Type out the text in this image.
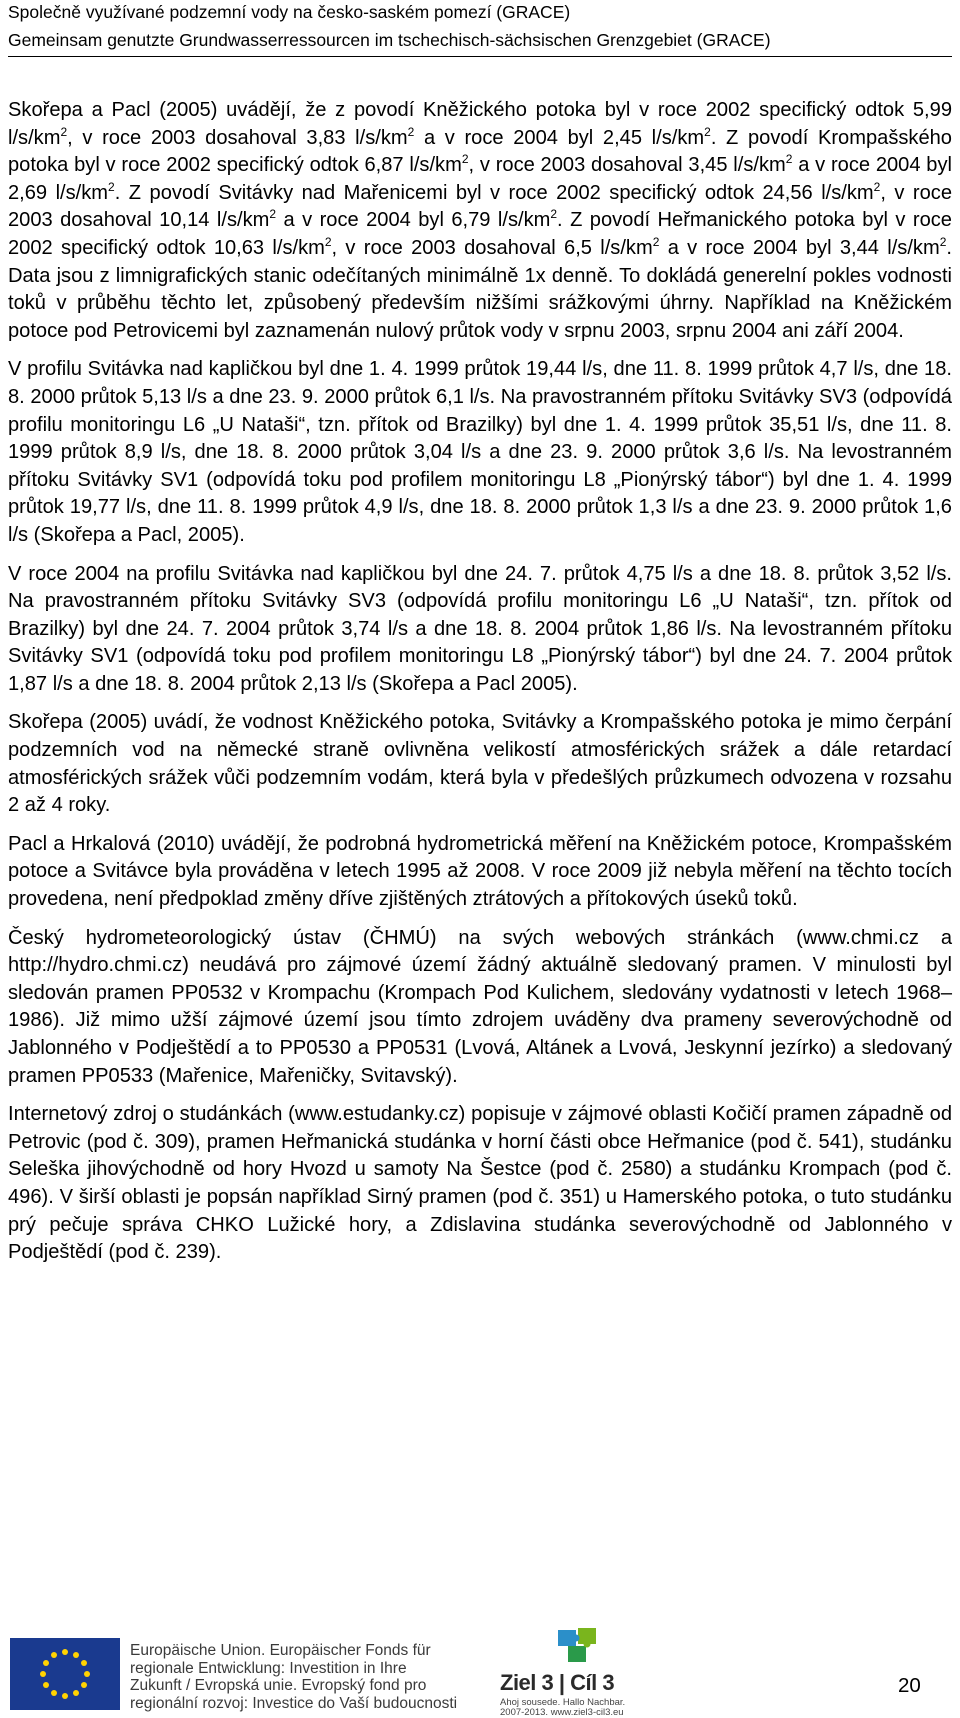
Společně využívané podzemní vody na česko-saském pomezí (GRACE)
Gemeinsam genutzte Grundwasserressourcen im tschechisch-sächsischen Grenzgebiet (GRACE)

Skořepa a Pacl (2005) uvádějí, že z povodí Kněžického potoka byl v roce 2002 specifický odtok 5,99 $l/s/km^2$, v roce 2003 dosahoval 3,83 $l/s/km^2$ a v roce 2004 byl 2,45 $l/s/km^2$. Z povodí Krompašského potoka byl v roce 2002 specifický odtok 6,87 $l/s/km^2$, v roce 2003 dosahoval 3,45 $l/s/km^2$ a v roce 2004 byl 2,69 $l/s/km^2$. Z povodí Svitávky nad Mařenicemi byl v roce 2002 specifický odtok 24,56 $l/s/km^2$, v roce 2003 dosahoval 10,14 $l/s/km^2$ a v roce 2004 byl 6,79 $l/s/km^2$. Z povodí Heřmanického potoka byl v roce 2002 specifický odtok 10,63 $l/s/km^2$, v roce 2003 dosahoval 6,5 $l/s/km^2$ a v roce 2004 byl 3,44 $l/s/km^2$. Data jsou z limnigrafických stanic odečítaných minimálně 1x denně. To dokládá generelní pokles vodnosti toků v průběhu těchto let, způsobený především nižšími srážkovými úhrny. Například na Kněžickém potoce pod Petrovicemi byl zaznamenán nulový průtok vody v srpnu 2003, srpnu 2004 ani září 2004.

V profilu Svitávka nad kapličkou byl dne 1. 4. 1999 průtok 19,44 l/s, dne 11. 8. 1999 průtok 4,7 l/s, dne 18. 8. 2000 průtok 5,13 l/s a dne 23. 9. 2000 průtok 6,1 l/s. Na pravostranném přítoku Svitávky SV3 (odpovídá profilu monitoringu L6 „U Nataši“, tzn. přítok od Brazilky) byl dne 1. 4. 1999 průtok 35,51 l/s, dne 11. 8. 1999 průtok 8,9 l/s, dne 18. 8. 2000 průtok 3,04 l/s a dne 23. 9. 2000 průtok 3,6 l/s. Na levostranném přítoku Svitávky SV1 (odpovídá toku pod profilem monitoringu L8 „Pionýrský tábor“) byl dne 1. 4. 1999 průtok 19,77 l/s, dne 11. 8. 1999 průtok 4,9 l/s, dne 18. 8. 2000 průtok 1,3 l/s a dne 23. 9. 2000 průtok 1,6 l/s (Skořepa a Pacl, 2005).

V roce 2004 na profilu Svitávka nad kapličkou byl dne 24. 7. průtok 4,75 l/s a dne 18. 8. průtok 3,52 l/s. Na pravostranném přítoku Svitávky SV3 (odpovídá profilu monitoringu L6 „U Nataši“, tzn. přítok od Brazilky) byl dne 24. 7. 2004 průtok 3,74 l/s a dne 18. 8. 2004 průtok 1,86 l/s. Na levostranném přítoku Svitávky SV1 (odpovídá toku pod profilem monitoringu L8 „Pionýrský tábor“) byl dne 24. 7. 2004 průtok 1,87 l/s a dne 18. 8. 2004 průtok 2,13 l/s (Skořepa a Pacl 2005).

Skořepa (2005) uvádí, že vodnost Kněžického potoka, Svitávky a Krompašského potoka je mimo čerpání podzemních vod na německé straně ovlivněna velikostí atmosférických srážek a dále retardací atmosférických srážek vůči podzemním vodám, která byla v předešlých průzkumech odvozena v rozsahu 2 až 4 roky.

Pacl a Hrkalová (2010) uvádějí, že podrobná hydrometrická měření na Kněžickém potoce, Krompašském potoce a Svitávce byla prováděna v letech 1995 až 2008. V roce 2009 již nebyla měření na těchto tocích provedena, není předpoklad změny dříve zjištěných ztrátových a přítokových úseků toků.

Český hydrometeorologický ústav (ČHMÚ) na svých webových stránkách (www.chmi.cz a http://hydro.chmi.cz) neudává pro zájmové území žádný aktuálně sledovaný pramen. V minulosti byl sledován pramen PP0532 v Krompachu (Krompach Pod Kulichem, sledovány vydatnosti v letech 1968–1986). Již mimo užší zájmové území jsou tímto zdrojem uváděny dva prameny severovýchodně od Jablonného v Podještědí a to PP0530 a PP0531 (Lvová, Altánek a Lvová, Jeskynní jezírko) a sledovaný pramen PP0533 (Mařenice, Mařeničky, Svitavský).

Internetový zdroj o studánkách (www.estudanky.cz) popisuje v zájmové oblasti Kočičí pramen západně od Petrovic (pod č. 309), pramen Heřmanická studánka v horní části obce Heřmanice (pod č. 541), studánku Seleška jihovýchodně od hory Hvozd u samoty Na Šestce (pod č. 2580) a studánku Krompach (pod č. 496). V širší oblasti je popsán například Sirný pramen (pod č. 351) u Hamerského potoka, o tuto studánku prý pečuje správa CHKO Lužické hory, a Zdislavina studánka severovýchodně od Jablonného v Podještědí (pod č. 239).

Europäische Union. Europäischer Fonds für
regionale Entwicklung: Investition in Ihre
Zukunft / Evropská unie. Evropský fond pro
regionální rozvoj: Investice do Vaší budoucnosti
Ziel 3 | Cíl 3
Ahoj sousede. Hallo Nachbar.
2007-2013. www.ziel3-cil3.eu
20
